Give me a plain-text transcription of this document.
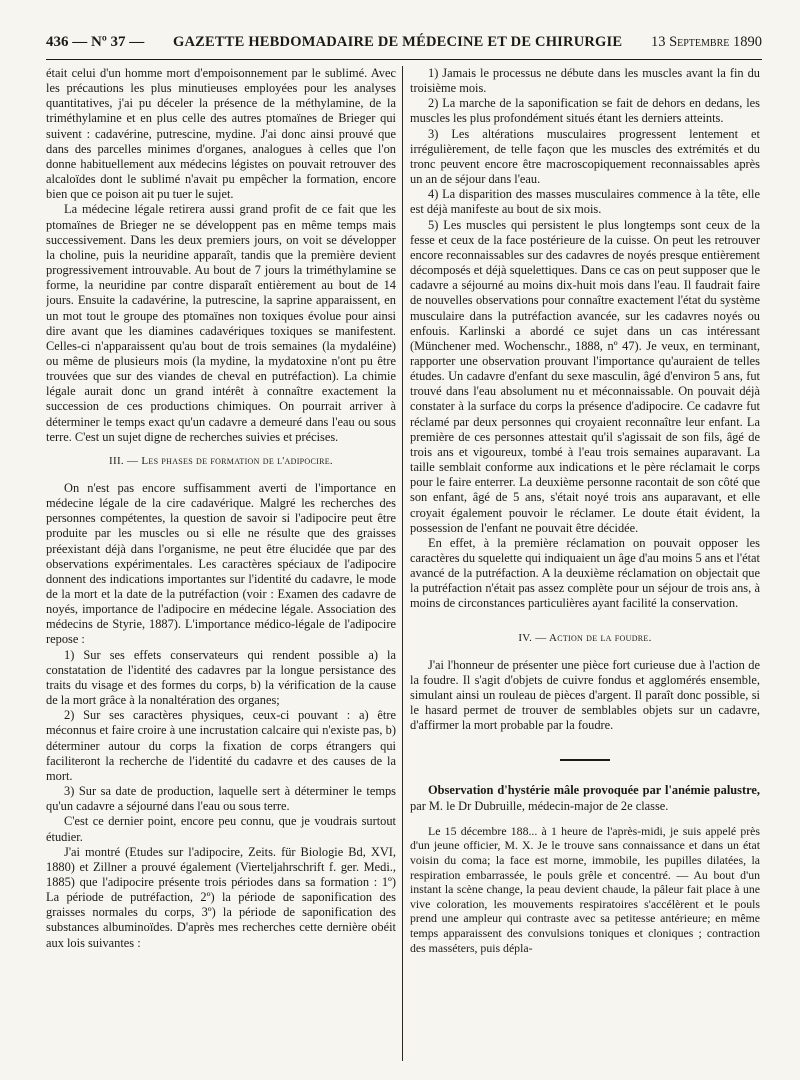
436 — Nº 37 — GAZETTE HEBDOMADAIRE DE MÉDECINE ET DE CHIRURGIE 13 Septembre 1890

était celui d'un homme mort d'empoisonnement par le sublimé. Avec les précautions les plus minutieuses employées pour les analyses quantitatives, j'ai pu déceler la présence de la méthylamine, de la triméthylamine et en plus celle des autres ptomaïnes de Brieger qui suivent : cadavérine, putrescine, mydine. J'ai donc ainsi prouvé que dans des parcelles minimes d'organes, analogues à celles que l'on donne habituellement aux médecins légistes on pouvait retrouver des alcaloïdes dont le sublimé n'avait pu empêcher la formation, encore bien que ce poison ait pu tuer le sujet.

La médecine légale retirera aussi grand profit de ce fait que les ptomaïnes de Brieger ne se développent pas en même temps mais successivement. Dans les deux premiers jours, on voit se développer la choline, puis la neuridine apparaît, tandis que la première devient progressivement introuvable. Au bout de 7 jours la triméthylamine se forme, la neuridine par contre disparaît entièrement au bout de 14 jours. Ensuite la cadavérine, la putrescine, la saprine apparaissent, en un mot tout le groupe des ptomaïnes non toxiques évolue pour ainsi dire avant que les diamines cadavériques toxiques se manifestent. Celles-ci n'apparaissent qu'au bout de trois semaines (la mydaléine) ou même de plusieurs mois (la mydine, la mydatoxine n'ont pu être trouvées que sur des viandes de cheval en putréfaction). La chimie légale aurait donc un grand intérêt à connaître exactement la succession de ces productions chimiques. On pourrait arriver à déterminer le temps exact qu'un cadavre a demeuré dans l'eau ou sous terre. C'est un sujet digne de recherches suivies et précises.

III. — Les phases de formation de l'adipocire.

On n'est pas encore suffisamment averti de l'importance en médecine légale de la cire cadavérique. Malgré les recherches des personnes compétentes, la question de savoir si l'adipocire peut être produite par les muscles ou si elle ne résulte que des graisses préexistant déjà dans l'organisme, ne peut être élucidée que par des observations expérimentales. Les caractères spéciaux de l'adipocire donnent des indications importantes sur l'identité du cadavre, le mode de la mort et la date de la putréfaction (voir : Examen des cadavre de noyés, importance de l'adipocire en médecine légale. Association des médecins de Styrie, 1887). L'importance médico-légale de l'adipocire repose :

1) Sur ses effets conservateurs qui rendent possible a) la constatation de l'identité des cadavres par la longue persistance des traits du visage et des formes du corps, b) la vérification de la cause de la mort grâce à la nonaltération des organes;

2) Sur ses caractères physiques, ceux-ci pouvant : a) être méconnus et faire croire à une incrustation calcaire qui n'existe pas, b) déterminer autour du corps la fixation de corps étrangers qui faciliteront la recherche de l'identité du cadavre et des causes de la mort.

3) Sur sa date de production, laquelle sert à déterminer le temps qu'un cadavre a séjourné dans l'eau ou sous terre.

C'est ce dernier point, encore peu connu, que je voudrais surtout étudier.

J'ai montré (Etudes sur l'adipocire, Zeits. für Biologie Bd, XVI, 1880) et Zillner a prouvé également (Vierteljahrschrift f. ger. Medi., 1885) que l'adipocire présente trois périodes dans sa formation : 1º) La période de putréfaction, 2º) la période de saponification des graisses normales du corps, 3º) la période de saponification des substances albuminoïdes. D'après mes recherches cette dernière obéit aux lois suivantes :

1) Jamais le processus ne débute dans les muscles avant la fin du troisième mois.

2) La marche de la saponification se fait de dehors en dedans, les muscles les plus profondément situés étant les derniers atteints.

3) Les altérations musculaires progressent lentement et irrégulièrement, de telle façon que les muscles des extrémités et du tronc peuvent encore être macroscopiquement reconnaissables après un an de séjour dans l'eau.

4) La disparition des masses musculaires commence à la tête, elle est déjà manifeste au bout de six mois.

5) Les muscles qui persistent le plus longtemps sont ceux de la fesse et ceux de la face postérieure de la cuisse. On peut les retrouver encore reconnaissables sur des cadavres de noyés presque entièrement décomposés et déjà squelettiques. Dans ce cas on peut supposer que le cadavre a séjourné au moins dix-huit mois dans l'eau. Il faudrait faire de nouvelles observations pour connaître exactement l'état du système musculaire dans la putréfaction avancée, sur les cadavres noyés ou enfouis. Karlinski a abordé ce sujet dans un cas intéressant (Münchener med. Wochenschr., 1888, nº 47). Je veux, en terminant, rapporter une observation prouvant l'importance qu'auraient de telles études. Un cadavre d'enfant du sexe masculin, âgé d'environ 5 ans, fut trouvé dans l'eau absolument nu et méconnaissable. On pouvait déjà constater à la surface du corps la présence d'adipocire. Ce cadavre fut réclamé par deux personnes qui croyaient reconnaître leur enfant. La première de ces personnes attestait qu'il s'agissait de son fils, âgé de trois ans et vigoureux, tombé à l'eau trois semaines auparavant. La taille semblait conforme aux indications et le père réclamait le corps pour le faire enterrer. La deuxième personne racontait de son côté que son enfant, âgé de 5 ans, s'était noyé trois ans auparavant, et elle croyait également pouvoir le réclamer. Le doute était évident, la possession de l'enfant ne pouvait être décidée.

En effet, à la première réclamation on pouvait opposer les caractères du squelette qui indiquaient un âge d'au moins 5 ans et l'état avancé de la putréfaction. A la deuxième réclamation on objectait que la putréfaction n'était pas assez complète pour un séjour de trois ans, à moins de circonstances particulières ayant facilité la conservation.

IV. — Action de la foudre.

J'ai l'honneur de présenter une pièce fort curieuse due à l'action de la foudre. Il s'agit d'objets de cuivre fondus et agglomérés ensemble, simulant ainsi un rouleau de pièces d'argent. Il paraît donc possible, si le hasard permet de trouver de semblables objets sur un cadavre, d'affirmer la mort probable par la foudre.

Observation d'hystérie mâle provoquée par l'anémie palustre, par M. le Dr Dubruille, médecin-major de 2e classe.

Le 15 décembre 188... à 1 heure de l'après-midi, je suis appelé près d'un jeune officier, M. X. Je le trouve sans connaissance et dans un état voisin du coma; la face est morne, immobile, les pupilles dilatées, la respiration embarrassée, le pouls grêle et concentré. — Au bout d'un instant la scène change, la peau devient chaude, la pâleur fait place à une vive coloration, les mouvements respiratoires s'accélèrent et le pouls prend une ampleur qui contraste avec sa petitesse antérieure; en même temps apparaissent des convulsions toniques et cloniques ; contraction des masséters, puis dépla-
